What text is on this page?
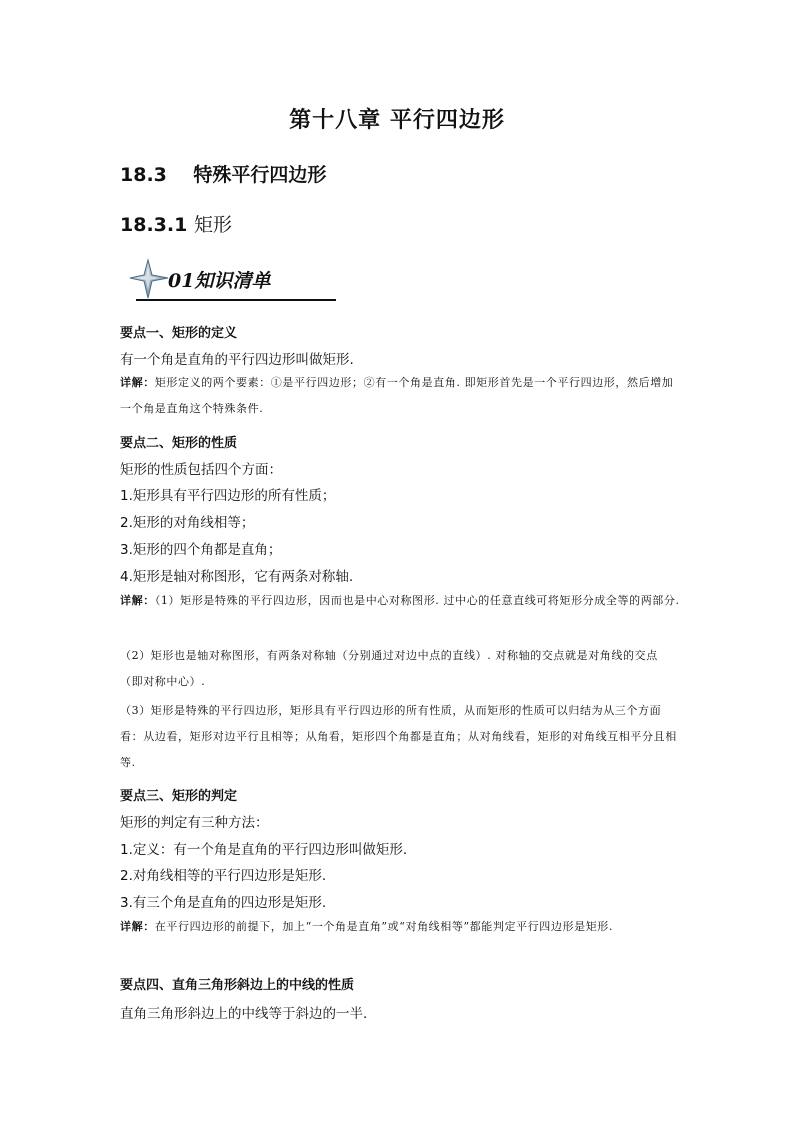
第十八章 平行四边形
18.3    特殊平行四边形
18.3.1 矩形
01知识清单
要点一、矩形的定义
有一个角是直角的平行四边形叫做矩形.
详解：矩形定义的两个要素：①是平行四边形；②有一个角是直角. 即矩形首先是一个平行四边形，然后增加一个角是直角这个特殊条件.
要点二、矩形的性质
矩形的性质包括四个方面：
1.矩形具有平行四边形的所有性质；
2.矩形的对角线相等；
3.矩形的四个角都是直角；
4.矩形是轴对称图形，它有两条对称轴.
详解：（1）矩形是特殊的平行四边形，因而也是中心对称图形. 过中心的任意直线可将矩形分成全等的两部分.
（2）矩形也是轴对称图形，有两条对称轴（分别通过对边中点的直线）. 对称轴的交点就是对角线的交点（即对称中心）.
（3）矩形是特殊的平行四边形，矩形具有平行四边形的所有性质，从而矩形的性质可以归结为从三个方面看：从边看，矩形对边平行且相等；从角看，矩形四个角都是直角；从对角线看，矩形的对角线互相平分且相等.
要点三、矩形的判定
矩形的判定有三种方法：
1.定义：有一个角是直角的平行四边形叫做矩形.
2.对角线相等的平行四边形是矩形.
3.有三个角是直角的四边形是矩形.
详解：在平行四边形的前提下，加上“一个角是直角”或“对角线相等”都能判定平行四边形是矩形.
要点四、直角三角形斜边上的中线的性质
直角三角形斜边上的中线等于斜边的一半.
